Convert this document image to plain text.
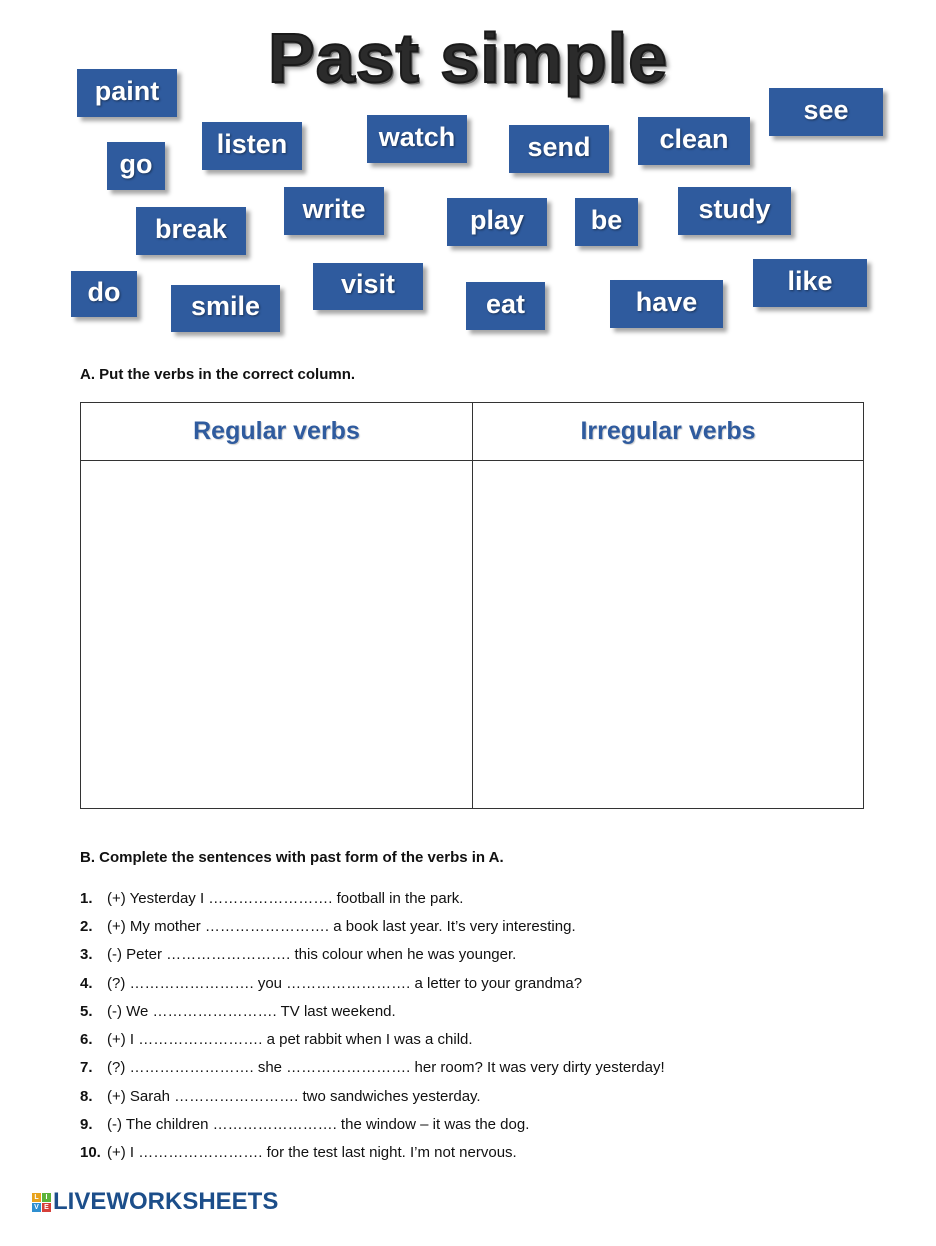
Past simple
paint
go
listen	watch	send	clean
see
break
write	play	be	study
do	smile
visit
eat	have
like
A. Put the verbs in the correct column.
Regular verbs	Irregular verbs
B. Complete the sentences with past form of the verbs in A.
1. (+) Yesterday I ……………………. football in the park.
2. (+) My mother ……………………. a book last year. It’s very interesting.
3. (-) Peter ……………………. this colour when he was younger.
4. (?) ……………………. you ……………………. a letter to your grandma?
5. (-) We ……………………. TV last weekend.
6. (+) I ……………………. a pet rabbit when I was a child.
7. (?) ……………………. she ……………………. her room? It was very dirty yesterday!
8. (+) Sarah ……………………. two sandwiches yesterday.
9. (-) The children ……………………. the window – it was the dog.
10. (+) I ……………………. for the test last night. I’m not nervous.
L I
V E LIVEWORKSHEETS
